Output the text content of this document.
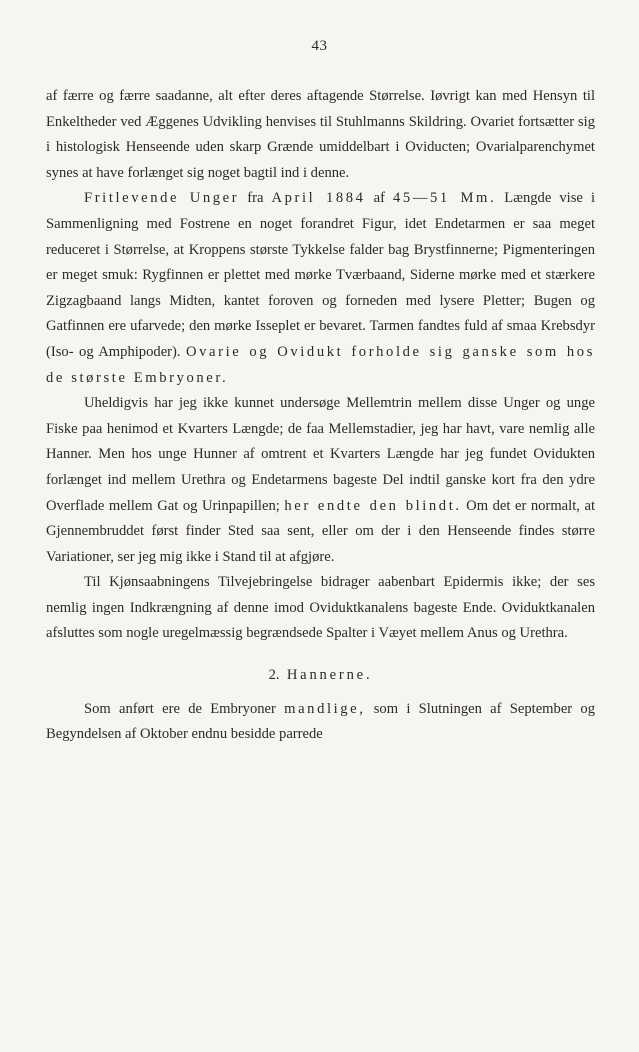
43

af færre og færre saadanne, alt efter deres aftagende Størrelse. Iøvrigt kan med Hensyn til Enkeltheder ved Æggenes Udvikling henvises til Stuhlmanns Skildring. Ovariet fortsætter sig i histologisk Henseende uden skarp Grænde umiddelbart i Oviducten; Ovarialparenchymet synes at have forlænget sig noget bagtil ind i denne.

Fritlevende Unger fra April 1884 af 45—51 Mm. Længde vise i Sammenligning med Fostrene en noget forandret Figur, idet Endetarmen er saa meget reduceret i Størrelse, at Kroppens største Tykkelse falder bag Brystfinnerne; Pigmenteringen er meget smuk: Rygfinnen er plettet med mørke Tværbaand, Siderne mørke med et stærkere Zigzagbaand langs Midten, kantet foroven og forneden med lysere Pletter; Bugen og Gatfinnen ere ufarvede; den mørke Isseplet er bevaret. Tarmen fandtes fuld af smaa Krebsdyr (Iso- og Amphipoder). Ovarie og Ovidukt forholde sig ganske som hos de største Embryoner.

Uheldigvis har jeg ikke kunnet undersøge Mellemtrin mellem disse Unger og unge Fiske paa henimod et Kvarters Længde; de faa Mellemstadier, jeg har havt, vare nemlig alle Hanner. Men hos unge Hunner af omtrent et Kvarters Længde har jeg fundet Ovidukten forlænget ind mellem Urethra og Endetarmens bageste Del indtil ganske kort fra den ydre Overflade mellem Gat og Urinpapillen; her endte den blindt. Om det er normalt, at Gjennembruddet først finder Sted saa sent, eller om der i den Henseende findes større Variationer, ser jeg mig ikke i Stand til at afgjøre.

Til Kjønsaabningens Tilvejebringelse bidrager aabenbart Epidermis ikke; der ses nemlig ingen Indkrængning af denne imod Oviduktkanalens bageste Ende. Oviduktkanalen afsluttes som nogle uregelmæssig begrændsede Spalter i Væyet mellem Anus og Urethra.

2. Hannerne.

Som anført ere de Embryoner mandlige, som i Slutningen af September og Begyndelsen af Oktober endnu besidde parrede
